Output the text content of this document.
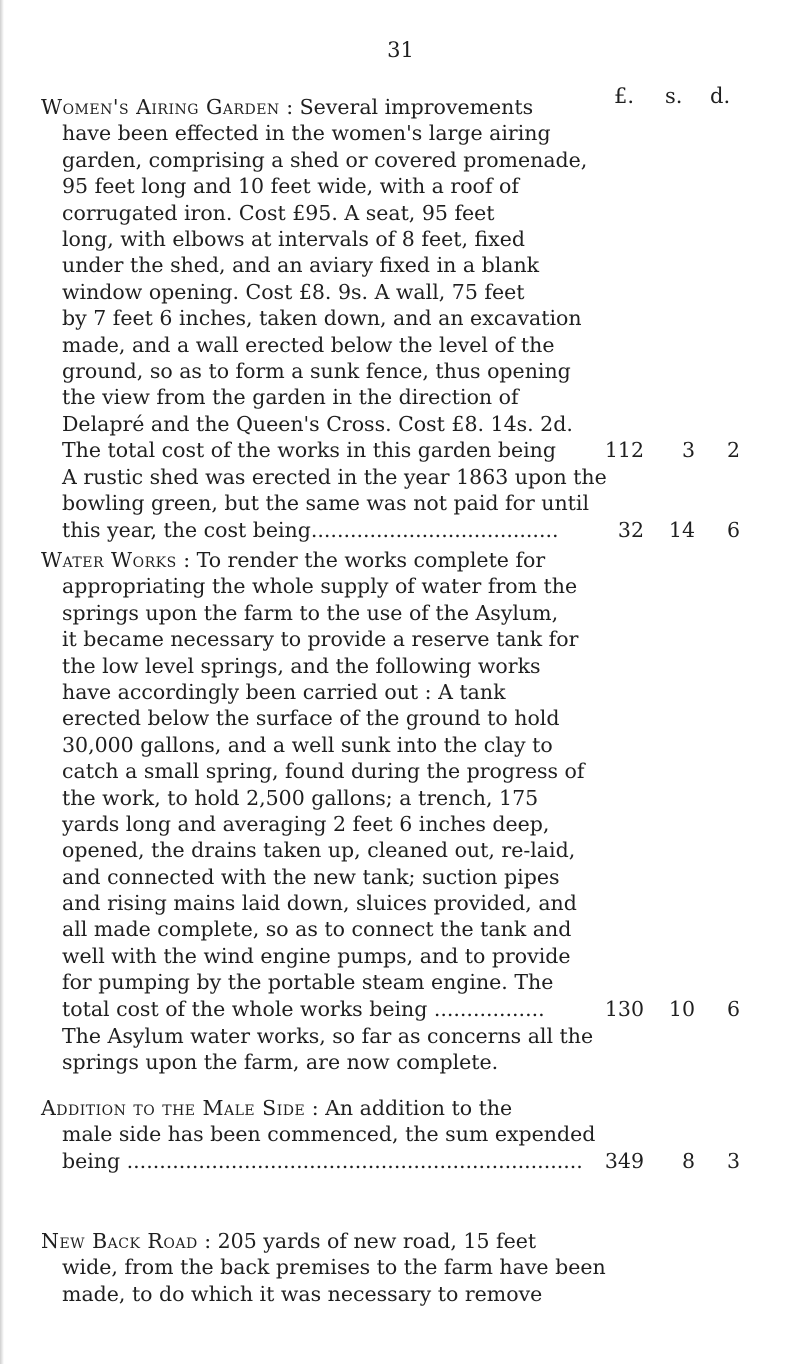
31
£. s. d.
Women's Airing Garden : Several improvements
have been effected in the women's large airing
garden, comprising a shed or covered promenade,
95 feet long and 10 feet wide, with a roof of
corrugated iron. Cost £95. A seat, 95 feet
long, with elbows at intervals of 8 feet, fixed
under the shed, and an aviary fixed in a blank
window opening. Cost £8. 9s. A wall, 75 feet
by 7 feet 6 inches, taken down, and an excavation
made, and a wall erected below the level of the
ground, so as to form a sunk fence, thus opening
the view from the garden in the direction of
Delapré and the Queen's Cross. Cost £8. 14s. 2d.
The total cost of the works in this garden being	112	3	2
A rustic shed was erected in the year 1863 upon the
bowling green, but the same was not paid for until
this year, the cost being......................................	32 14	6
Water Works : To render the works complete for
appropriating the whole supply of water from the
springs upon the farm to the use of the Asylum,
it became necessary to provide a reserve tank for
the low level springs, and the following works
have accordingly been carried out : A tank
erected below the surface of the ground to hold
30,000 gallons, and a well sunk into the clay to
catch a small spring, found during the progress of
the work, to hold 2,500 gallons; a trench, 175
yards long and averaging 2 feet 6 inches deep,
opened, the drains taken up, cleaned out, re-laid,
and connected with the new tank; suction pipes
and rising mains laid down, sluices provided, and
all made complete, so as to connect the tank and
well with the wind engine pumps, and to provide
for pumping by the portable steam engine. The
total cost of the whole works being .................	130 10	6
The Asylum water works, so far as concerns all the
springs upon the farm, are now complete.
Addition to the Male Side : An addition to the
male side has been commenced, the sum expended
being ......................................................................	349	8	3
New Back Road : 205 yards of new road, 15 feet
wide, from the back premises to the farm have been
made, to do which it was necessary to remove
